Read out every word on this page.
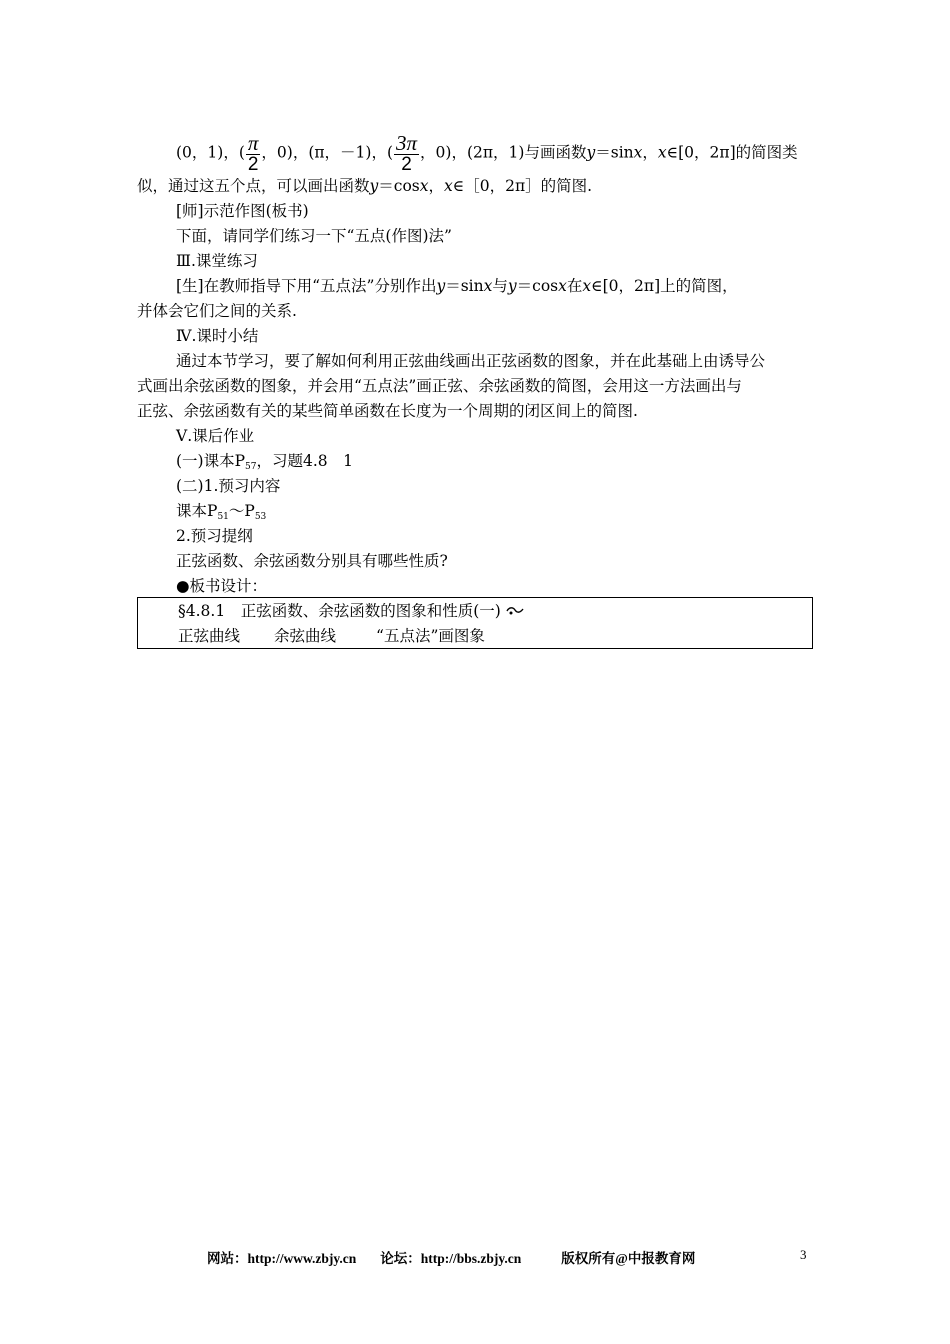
(0，1)，( $\frac{\pi}{2}$ ，0)，(π，－1)，( $\frac{3\pi}{2}$ ，0)，(2π，1)与画函数y＝sinx，x∈[0，2π]的简图类
似，通过这五个点，可以画出函数y＝cosx，x∈［0，2π］的简图.
[师]示范作图(板书)
下面，请同学们练习一下“五点(作图)法”
Ⅲ.课堂练习
[生]在教师指导下用“五点法”分别作出y＝sinx与y＝cosx在x∈[0，2π]上的简图，
并体会它们之间的关系.
Ⅳ.课时小结
通过本节学习，要了解如何利用正弦曲线画出正弦函数的图象，并在此基础上由诱导公
式画出余弦函数的图象，并会用“五点法”画正弦、余弦函数的简图，会用这一方法画出与
正弦、余弦函数有关的某些简单函数在长度为一个周期的闭区间上的简图.
Ⅴ.课后作业
(一)课本$P_{57}$，习题4.8　1
(二)1.预习内容
课本$P_{51}\sim P_{53}$
2.预习提纲
正弦函数、余弦函数分别具有哪些性质?
●板书设计：
§4.8.1　正弦函数、余弦函数的图象和性质(一)
正弦曲线 余弦曲线	“五点法”画图象
网站：http://www.zbjy.cn 论坛：http://bbs.zbjy.cn	版权所有@中报教育网	3
